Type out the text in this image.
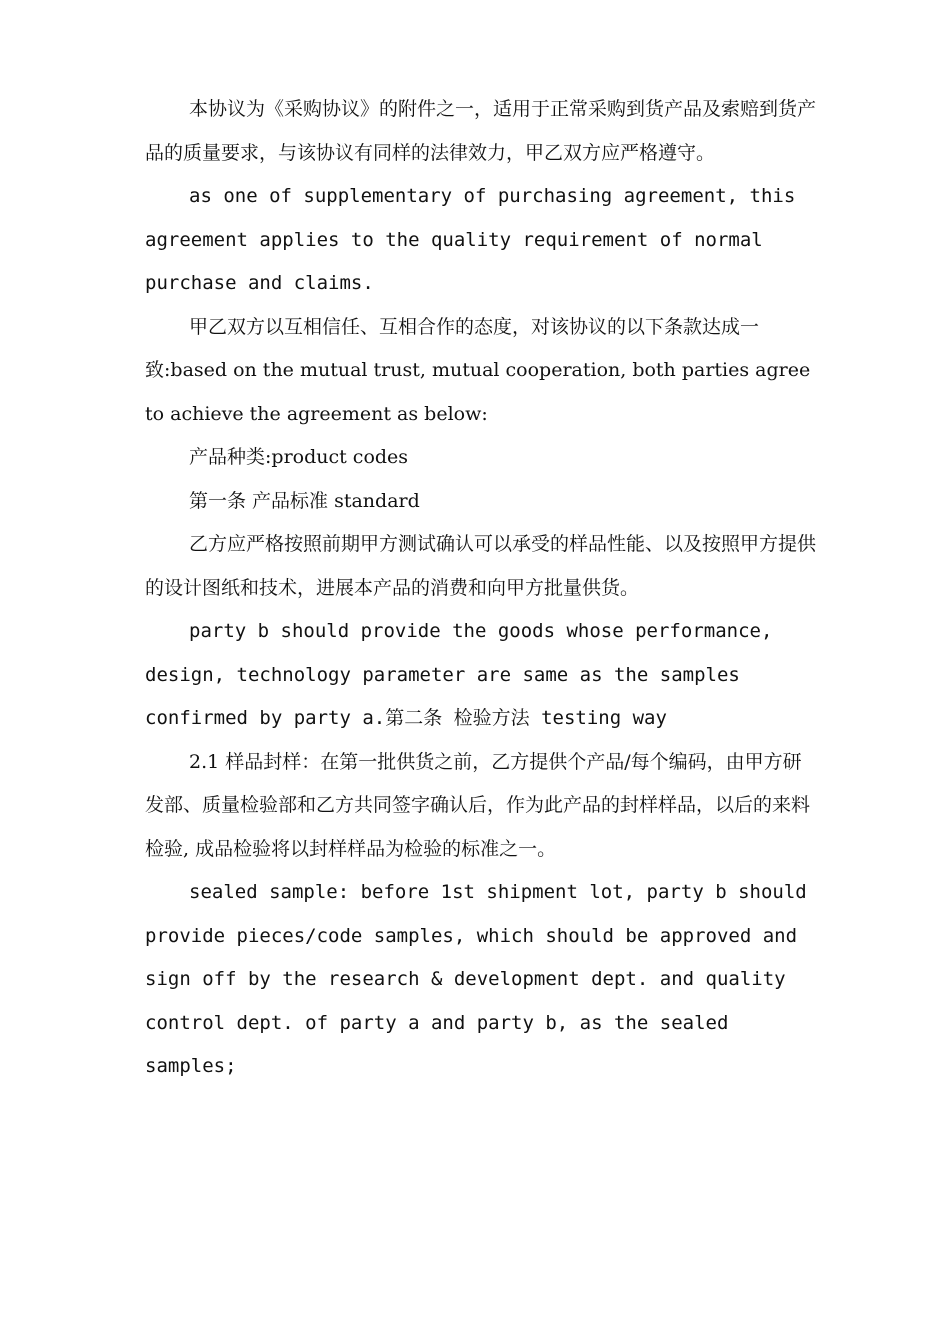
本协议为《采购协议》的附件之一，适用于正常采购到货产品及索赔到货产品的质量要求，与该协议有同样的法律效力，甲乙双方应严格遵守。

as one of supplementary of purchasing agreement, this agreement applies to the quality requirement of normal purchase and claims.

甲乙双方以互相信任、互相合作的态度，对该协议的以下条款达成一致:based on the mutual trust, mutual cooperation, both parties agree to achieve the agreement as below:

产品种类:product codes

第一条 产品标准 standard

乙方应严格按照前期甲方测试确认可以承受的样品性能、以及按照甲方提供的设计图纸和技术，进展本产品的消费和向甲方批量供货。

party b should provide the goods whose performance, design, technology parameter are same as the samples confirmed by party a.第二条 检验方法 testing way

2.1 样品封样：在第一批供货之前，乙方提供个产品/每个编码，由甲方研发部、质量检验部和乙方共同签字确认后，作为此产品的封样样品，以后的来料检验, 成品检验将以封样样品为检验的标准之一。

sealed sample: before 1st shipment lot, party b should provide pieces/code samples, which should be approved and sign off by the research & development dept. and quality control dept. of party a and party b, as the sealed samples;
